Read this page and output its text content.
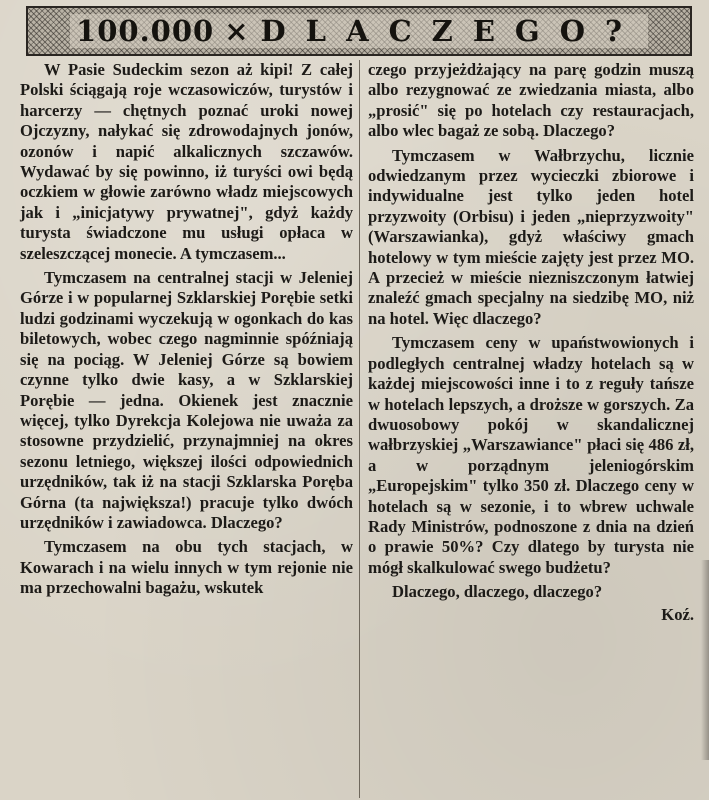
100.000 × DLACZEGO?

W Pasie Sudeckim sezon aż kipi! Z całej Polski ściągają roje wczasowiczów, turystów i harcerzy — chętnych poznać uroki nowej Ojczyzny, nałykać się zdrowodajnych jonów, ozonów i napić alkalicznych szczawów. Wydawać by się powinno, iż turyści owi będą oczkiem w głowie zarówno władz miejscowych jak i „inicjatywy prywatnej", gdyż każdy turysta świadczone mu usługi opłaca w szeleszczącej monecie. A tymczasem...

Tymczasem na centralnej stacji w Jeleniej Górze i w popularnej Szklarskiej Porębie setki ludzi godzinami wyczekują w ogonkach do kas biletowych, wobec czego nagminnie spóźniają się na pociąg. W Jeleniej Górze są bowiem czynne tylko dwie kasy, a w Szklarskiej Porębie — jedna. Okienek jest znacznie więcej, tylko Dyrekcja Kolejowa nie uważa za stosowne przydzielić, przynajmniej na okres sezonu letniego, większej ilości odpowiednich urzędników, tak iż na stacji Szklarska Poręba Górna (ta największa!) pracuje tylko dwóch urzędników i zawiadowca. Dlaczego?

Tymczasem na obu tych stacjach, w Kowarach i na wielu innych w tym rejonie nie ma przechowalni bagażu, wskutek

czego przyjeżdżający na parę godzin muszą albo rezygnować ze zwiedzania miasta, albo „prosić" się po hotelach czy restauracjach, albo wlec bagaż ze sobą. Dlaczego?

Tymczasem w Wałbrzychu, licznie odwiedzanym przez wycieczki zbiorowe i indywidualne jest tylko jeden hotel przyzwoity (Orbisu) i jeden „nieprzyzwoity" (Warszawianka), gdyż właściwy gmach hotelowy w tym mieście zajęty jest przez MO. A przecież w mieście niezniszczonym łatwiej znaleźć gmach specjalny na siedzibę MO, niż na hotel. Więc dlaczego?

Tymczasem ceny w upaństwowionych i podległych centralnej władzy hotelach są w każdej miejscowości inne i to z reguły tańsze w hotelach lepszych, a droższe w gorszych. Za dwuosobowy pokój w skandalicznej wałbrzyskiej „Warszawiance" płaci się 486 zł, a w porządnym jeleniogórskim „Europejskim" tylko 350 zł. Dlaczego ceny w hotelach są w sezonie, i to wbrew uchwale Rady Ministrów, podnoszone z dnia na dzień o prawie 50%? Czy dlatego by turysta nie mógł skalkulować swego budżetu?

Dlaczego, dlaczego, dlaczego?

Koź.
